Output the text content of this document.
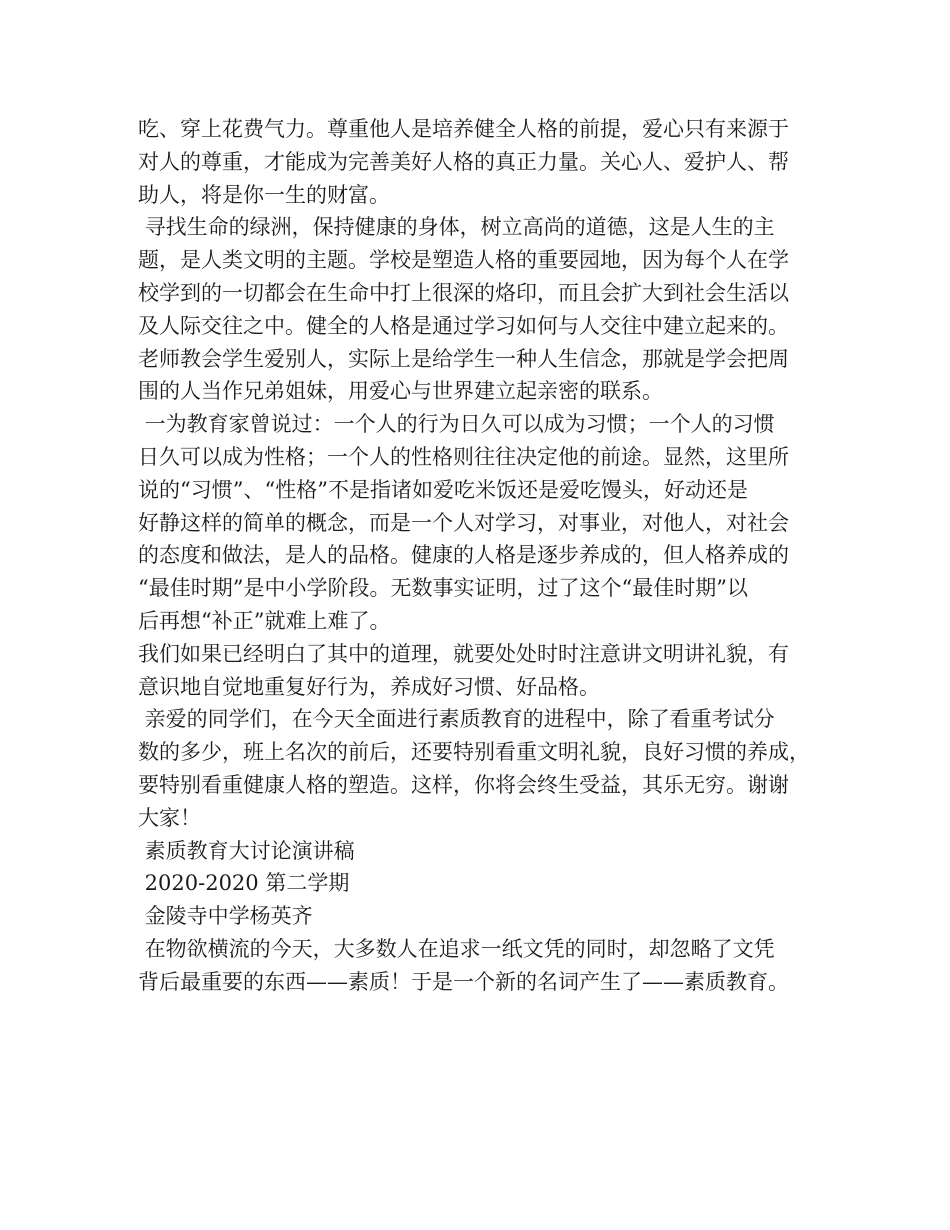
吃、穿上花费气力。尊重他人是培养健全人格的前提，爱心只有来源于
对人的尊重，才能成为完善美好人格的真正力量。关心人、爱护人、帮
助人，将是你一生的财富。
寻找生命的绿洲，保持健康的身体，树立高尚的道德，这是人生的主
题，是人类文明的主题。学校是塑造人格的重要园地，因为每个人在学
校学到的一切都会在生命中打上很深的烙印，而且会扩大到社会生活以
及人际交往之中。健全的人格是通过学习如何与人交往中建立起来的。
老师教会学生爱别人，实际上是给学生一种人生信念，那就是学会把周
围的人当作兄弟姐妹，用爱心与世界建立起亲密的联系。
一为教育家曾说过：一个人的行为日久可以成为习惯；一个人的习惯
日久可以成为性格；一个人的性格则往往决定他的前途。显然，这里所
说的“习惯”、“性格”不是指诸如爱吃米饭还是爱吃馒头，好动还是
好静这样的简单的概念，而是一个人对学习，对事业，对他人，对社会
的态度和做法，是人的品格。健康的人格是逐步养成的，但人格养成的
“最佳时期”是中小学阶段。无数事实证明，过了这个“最佳时期”以
后再想“补正”就难上难了。
我们如果已经明白了其中的道理，就要处处时时注意讲文明讲礼貌，有
意识地自觉地重复好行为，养成好习惯、好品格。
亲爱的同学们，在今天全面进行素质教育的进程中，除了看重考试分
数的多少，班上名次的前后，还要特别看重文明礼貌，良好习惯的养成，
要特别看重健康人格的塑造。这样，你将会终生受益，其乐无穷。谢谢
大家！
素质教育大讨论演讲稿
2020-2020 第二学期
金陵寺中学杨英齐
在物欲横流的今天，大多数人在追求一纸文凭的同时，却忽略了文凭
背后最重要的东西——素质！于是一个新的名词产生了——素质教育。
